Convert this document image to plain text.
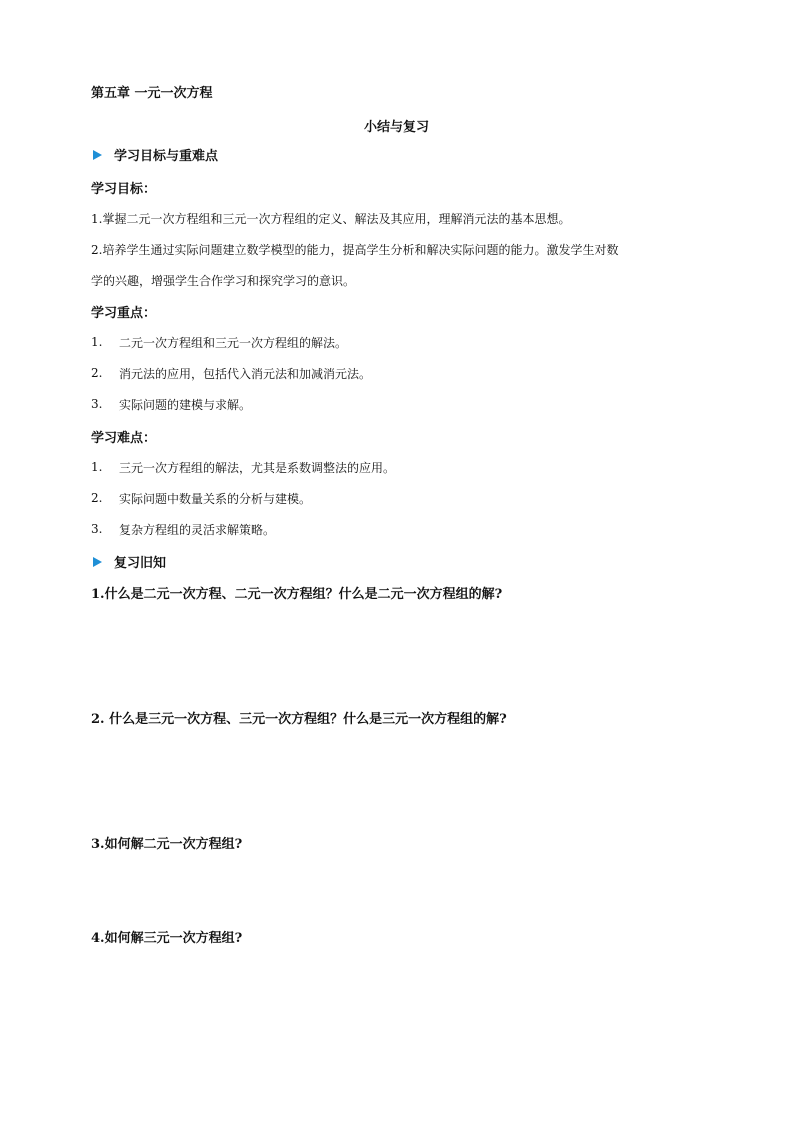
第五章 一元一次方程
小结与复习
学习目标与重难点
学习目标：
1.掌握二元一次方程组和三元一次方程组的定义、解法及其应用，理解消元法的基本思想。
2.培养学生通过实际问题建立数学模型的能力，提高学生分析和解决实际问题的能力。激发学生对数
学的兴趣，增强学生合作学习和探究学习的意识。
学习重点：
1. 二元一次方程组和三元一次方程组的解法。
2. 消元法的应用，包括代入消元法和加减消元法。
3. 实际问题的建模与求解。
学习难点：
1. 三元一次方程组的解法，尤其是系数调整法的应用。
2. 实际问题中数量关系的分析与建模。
3. 复杂方程组的灵活求解策略。
复习旧知
1.什么是二元一次方程、二元一次方程组？什么是二元一次方程组的解?
2. 什么是三元一次方程、三元一次方程组？什么是三元一次方程组的解?
3.如何解二元一次方程组?
4.如何解三元一次方程组?
